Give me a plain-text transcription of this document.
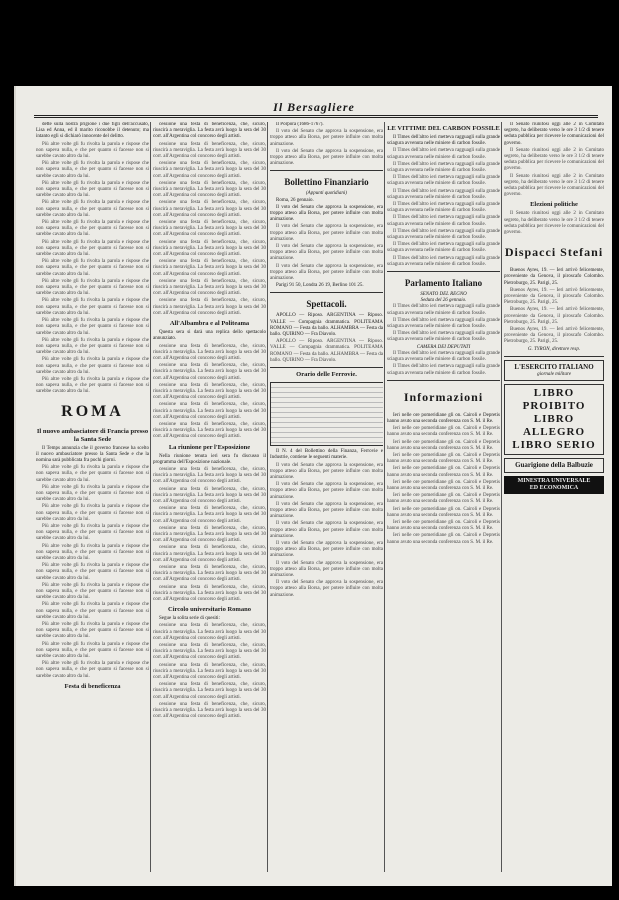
Il Bersagliere

dette sulla nostra prigione i due figli dell'accusato, Lisa ed Anna, ed il marito riconobbe il detenuto; ma intanto egli si dichiarò innocente del delitto.

Più altre volte gli fu rivolta la parola e rispose che non sapeva nulla, e che per quanto si facesse non si sarebbe cavato altro da lui.

Più altre volte gli fu rivolta la parola e rispose che non sapeva nulla, e che per quanto si facesse non si sarebbe cavato altro da lui.

Più altre volte gli fu rivolta la parola e rispose che non sapeva nulla, e che per quanto si facesse non si sarebbe cavato altro da lui.

Più altre volte gli fu rivolta la parola e rispose che non sapeva nulla, e che per quanto si facesse non si sarebbe cavato altro da lui.

Più altre volte gli fu rivolta la parola e rispose che non sapeva nulla, e che per quanto si facesse non si sarebbe cavato altro da lui.

Più altre volte gli fu rivolta la parola e rispose che non sapeva nulla, e che per quanto si facesse non si sarebbe cavato altro da lui.

Più altre volte gli fu rivolta la parola e rispose che non sapeva nulla, e che per quanto si facesse non si sarebbe cavato altro da lui.

Più altre volte gli fu rivolta la parola e rispose che non sapeva nulla, e che per quanto si facesse non si sarebbe cavato altro da lui.

Più altre volte gli fu rivolta la parola e rispose che non sapeva nulla, e che per quanto si facesse non si sarebbe cavato altro da lui.

Più altre volte gli fu rivolta la parola e rispose che non sapeva nulla, e che per quanto si facesse non si sarebbe cavato altro da lui.

Più altre volte gli fu rivolta la parola e rispose che non sapeva nulla, e che per quanto si facesse non si sarebbe cavato altro da lui.

Più altre volte gli fu rivolta la parola e rispose che non sapeva nulla, e che per quanto si facesse non si sarebbe cavato altro da lui.

Più altre volte gli fu rivolta la parola e rispose che non sapeva nulla, e che per quanto si facesse non si sarebbe cavato altro da lui.

ROMA
Il nuovo ambasciatore di Francia presso la Santa Sede

Il Temps annunzia che il governo francese ha scelto il nuovo ambasciatore presso la Santa Sede e che la nomina sarà pubblicata fra pochi giorni.

Più altre volte gli fu rivolta la parola e rispose che non sapeva nulla, e che per quanto si facesse non si sarebbe cavato altro da lui.

Più altre volte gli fu rivolta la parola e rispose che non sapeva nulla, e che per quanto si facesse non si sarebbe cavato altro da lui.

Più altre volte gli fu rivolta la parola e rispose che non sapeva nulla, e che per quanto si facesse non si sarebbe cavato altro da lui.

Più altre volte gli fu rivolta la parola e rispose che non sapeva nulla, e che per quanto si facesse non si sarebbe cavato altro da lui.

Più altre volte gli fu rivolta la parola e rispose che non sapeva nulla, e che per quanto si facesse non si sarebbe cavato altro da lui.

Più altre volte gli fu rivolta la parola e rispose che non sapeva nulla, e che per quanto si facesse non si sarebbe cavato altro da lui.

Più altre volte gli fu rivolta la parola e rispose che non sapeva nulla, e che per quanto si facesse non si sarebbe cavato altro da lui.

Più altre volte gli fu rivolta la parola e rispose che non sapeva nulla, e che per quanto si facesse non si sarebbe cavato altro da lui.

Più altre volte gli fu rivolta la parola e rispose che non sapeva nulla, e che per quanto si facesse non si sarebbe cavato altro da lui.

Più altre volte gli fu rivolta la parola e rispose che non sapeva nulla, e che per quanto si facesse non si sarebbe cavato altro da lui.

Più altre volte gli fu rivolta la parola e rispose che non sapeva nulla, e che per quanto si facesse non si sarebbe cavato altro da lui.

Festa di beneficenza

cessione una festa di beneficenza, che, sicuro, riuscirà a meraviglia. La festa avrà luogo la sera del 30 corr. all'Argentina col concorso degli artisti.

cessione una festa di beneficenza, che, sicuro, riuscirà a meraviglia. La festa avrà luogo la sera del 30 corr. all'Argentina col concorso degli artisti.

cessione una festa di beneficenza, che, sicuro, riuscirà a meraviglia. La festa avrà luogo la sera del 30 corr. all'Argentina col concorso degli artisti.

cessione una festa di beneficenza, che, sicuro, riuscirà a meraviglia. La festa avrà luogo la sera del 30 corr. all'Argentina col concorso degli artisti.

cessione una festa di beneficenza, che, sicuro, riuscirà a meraviglia. La festa avrà luogo la sera del 30 corr. all'Argentina col concorso degli artisti.

cessione una festa di beneficenza, che, sicuro, riuscirà a meraviglia. La festa avrà luogo la sera del 30 corr. all'Argentina col concorso degli artisti.

cessione una festa di beneficenza, che, sicuro, riuscirà a meraviglia. La festa avrà luogo la sera del 30 corr. all'Argentina col concorso degli artisti.

cessione una festa di beneficenza, che, sicuro, riuscirà a meraviglia. La festa avrà luogo la sera del 30 corr. all'Argentina col concorso degli artisti.

cessione una festa di beneficenza, che, sicuro, riuscirà a meraviglia. La festa avrà luogo la sera del 30 corr. all'Argentina col concorso degli artisti.

cessione una festa di beneficenza, che, sicuro, riuscirà a meraviglia. La festa avrà luogo la sera del 30 corr. all'Argentina col concorso degli artisti.

All'Albambra e al Politeama

Questa sera si darà una replica dello spettacolo annunziato.

cessione una festa di beneficenza, che, sicuro, riuscirà a meraviglia. La festa avrà luogo la sera del 30 corr. all'Argentina col concorso degli artisti.

cessione una festa di beneficenza, che, sicuro, riuscirà a meraviglia. La festa avrà luogo la sera del 30 corr. all'Argentina col concorso degli artisti.

cessione una festa di beneficenza, che, sicuro, riuscirà a meraviglia. La festa avrà luogo la sera del 30 corr. all'Argentina col concorso degli artisti.

cessione una festa di beneficenza, che, sicuro, riuscirà a meraviglia. La festa avrà luogo la sera del 30 corr. all'Argentina col concorso degli artisti.

cessione una festa di beneficenza, che, sicuro, riuscirà a meraviglia. La festa avrà luogo la sera del 30 corr. all'Argentina col concorso degli artisti.

La riunione per l'Esposizione

Nella riunione tenuta ieri sera fu discusso il programma dell'Esposizione nazionale.

cessione una festa di beneficenza, che, sicuro, riuscirà a meraviglia. La festa avrà luogo la sera del 30 corr. all'Argentina col concorso degli artisti.

cessione una festa di beneficenza, che, sicuro, riuscirà a meraviglia. La festa avrà luogo la sera del 30 corr. all'Argentina col concorso degli artisti.

cessione una festa di beneficenza, che, sicuro, riuscirà a meraviglia. La festa avrà luogo la sera del 30 corr. all'Argentina col concorso degli artisti.

cessione una festa di beneficenza, che, sicuro, riuscirà a meraviglia. La festa avrà luogo la sera del 30 corr. all'Argentina col concorso degli artisti.

cessione una festa di beneficenza, che, sicuro, riuscirà a meraviglia. La festa avrà luogo la sera del 30 corr. all'Argentina col concorso degli artisti.

cessione una festa di beneficenza, che, sicuro, riuscirà a meraviglia. La festa avrà luogo la sera del 30 corr. all'Argentina col concorso degli artisti.

cessione una festa di beneficenza, che, sicuro, riuscirà a meraviglia. La festa avrà luogo la sera del 30 corr. all'Argentina col concorso degli artisti.

Circolo universitario Romano

Segue la solita serie di quesiti:

cessione una festa di beneficenza, che, sicuro, riuscirà a meraviglia. La festa avrà luogo la sera del 30 corr. all'Argentina col concorso degli artisti.

cessione una festa di beneficenza, che, sicuro, riuscirà a meraviglia. La festa avrà luogo la sera del 30 corr. all'Argentina col concorso degli artisti.

cessione una festa di beneficenza, che, sicuro, riuscirà a meraviglia. La festa avrà luogo la sera del 30 corr. all'Argentina col concorso degli artisti.

cessione una festa di beneficenza, che, sicuro, riuscirà a meraviglia. La festa avrà luogo la sera del 30 corr. all'Argentina col concorso degli artisti.

cessione una festa di beneficenza, che, sicuro, riuscirà a meraviglia. La festa avrà luogo la sera del 30 corr. all'Argentina col concorso degli artisti.

Il Porpora (1686-1767).

Il voto del Senato che approva la sospensione, era troppo atteso alla Borsa, per potere influire con molta animazione.

Il voto del Senato che approva la sospensione, era troppo atteso alla Borsa, per potere influire con molta animazione.

Bollettino Finanziario
(Appunti quotidiani)

Roma, 26 gennaio.

Il voto del Senato che approva la sospensione, era troppo atteso alla Borsa, per potere influire con molta animazione.

Il voto del Senato che approva la sospensione, era troppo atteso alla Borsa, per potere influire con molta animazione.

Il voto del Senato che approva la sospensione, era troppo atteso alla Borsa, per potere influire con molta animazione.

Il voto del Senato che approva la sospensione, era troppo atteso alla Borsa, per potere influire con molta animazione.

Parigi 91 50, Londra 26 19, Berlino 101 25.

Spettacoli.

APOLLO — Riposo. ARGENTINA — Riposo. VALLE — Compagnia drammatica. POLITEAMA ROMANO — Festa da ballo. ALHAMBRA — Festa da ballo. QUIRINO — Fra Diavolo.

APOLLO — Riposo. ARGENTINA — Riposo. VALLE — Compagnia drammatica. POLITEAMA ROMANO — Festa da ballo. ALHAMBRA — Festa da ballo. QUIRINO — Fra Diavolo.

Orario delle Ferrovie.

Il N. 4 del Bollettino della Finanza, Ferrovie e Industrie, contiene le seguenti materie.

Il voto del Senato che approva la sospensione, era troppo atteso alla Borsa, per potere influire con molta animazione.

Il voto del Senato che approva la sospensione, era troppo atteso alla Borsa, per potere influire con molta animazione.

Il voto del Senato che approva la sospensione, era troppo atteso alla Borsa, per potere influire con molta animazione.

Il voto del Senato che approva la sospensione, era troppo atteso alla Borsa, per potere influire con molta animazione.

Il voto del Senato che approva la sospensione, era troppo atteso alla Borsa, per potere influire con molta animazione.

Il voto del Senato che approva la sospensione, era troppo atteso alla Borsa, per potere influire con molta animazione.

Il voto del Senato che approva la sospensione, era troppo atteso alla Borsa, per potere influire con molta animazione.

LE VITTIME DEL CARBON FOSSILE

Il Times dell'altro ieri metteva ragguagli sulla grande sciagura avvenuta nelle miniere di carbon fossile.

Il Times dell'altro ieri metteva ragguagli sulla grande sciagura avvenuta nelle miniere di carbon fossile.

Il Times dell'altro ieri metteva ragguagli sulla grande sciagura avvenuta nelle miniere di carbon fossile.

Il Times dell'altro ieri metteva ragguagli sulla grande sciagura avvenuta nelle miniere di carbon fossile.

Il Times dell'altro ieri metteva ragguagli sulla grande sciagura avvenuta nelle miniere di carbon fossile.

Il Times dell'altro ieri metteva ragguagli sulla grande sciagura avvenuta nelle miniere di carbon fossile.

Il Times dell'altro ieri metteva ragguagli sulla grande sciagura avvenuta nelle miniere di carbon fossile.

Il Times dell'altro ieri metteva ragguagli sulla grande sciagura avvenuta nelle miniere di carbon fossile.

Il Times dell'altro ieri metteva ragguagli sulla grande sciagura avvenuta nelle miniere di carbon fossile.

Il Times dell'altro ieri metteva ragguagli sulla grande sciagura avvenuta nelle miniere di carbon fossile.

Parlamento Italiano
SENATO DEL REGNO
Seduta del 26 gennaio.

Il Times dell'altro ieri metteva ragguagli sulla grande sciagura avvenuta nelle miniere di carbon fossile.

Il Times dell'altro ieri metteva ragguagli sulla grande sciagura avvenuta nelle miniere di carbon fossile.

Il Times dell'altro ieri metteva ragguagli sulla grande sciagura avvenuta nelle miniere di carbon fossile.

CAMERA DEI DEPUTATI

Il Times dell'altro ieri metteva ragguagli sulla grande sciagura avvenuta nelle miniere di carbon fossile.

Il Times dell'altro ieri metteva ragguagli sulla grande sciagura avvenuta nelle miniere di carbon fossile.

Informazioni

Ieri nelle ore pomeridiane gli on. Cairoli e Depretis hanno avuto una seconda conferenza con S. M. il Re.

Ieri nelle ore pomeridiane gli on. Cairoli e Depretis hanno avuto una seconda conferenza con S. M. il Re.

Ieri nelle ore pomeridiane gli on. Cairoli e Depretis hanno avuto una seconda conferenza con S. M. il Re.

Ieri nelle ore pomeridiane gli on. Cairoli e Depretis hanno avuto una seconda conferenza con S. M. il Re.

Ieri nelle ore pomeridiane gli on. Cairoli e Depretis hanno avuto una seconda conferenza con S. M. il Re.

Ieri nelle ore pomeridiane gli on. Cairoli e Depretis hanno avuto una seconda conferenza con S. M. il Re.

Ieri nelle ore pomeridiane gli on. Cairoli e Depretis hanno avuto una seconda conferenza con S. M. il Re.

Ieri nelle ore pomeridiane gli on. Cairoli e Depretis hanno avuto una seconda conferenza con S. M. il Re.

Ieri nelle ore pomeridiane gli on. Cairoli e Depretis hanno avuto una seconda conferenza con S. M. il Re.

Ieri nelle ore pomeridiane gli on. Cairoli e Depretis hanno avuto una seconda conferenza con S. M. il Re.

Il Senato riunitosi oggi alle 2 in Comitato segreto, ha deliberato verso le ore 3 1/2 di tenere seduta pubblica per ricevere le comunicazioni del governo.

Il Senato riunitosi oggi alle 2 in Comitato segreto, ha deliberato verso le ore 3 1/2 di tenere seduta pubblica per ricevere le comunicazioni del governo.

Il Senato riunitosi oggi alle 2 in Comitato segreto, ha deliberato verso le ore 3 1/2 di tenere seduta pubblica per ricevere le comunicazioni del governo.

Elezioni politiche

Il Senato riunitosi oggi alle 2 in Comitato segreto, ha deliberato verso le ore 3 1/2 di tenere seduta pubblica per ricevere le comunicazioni del governo.

Dispacci Stefani

Buenos Ayres, 19. — Ieri arrivò felicemente, proveniente da Genova, il piroscafo Colombo. Pietroburgo, 25. Parigi, 25.

Buenos Ayres, 19. — Ieri arrivò felicemente, proveniente da Genova, il piroscafo Colombo. Pietroburgo, 25. Parigi, 25.

Buenos Ayres, 19. — Ieri arrivò felicemente, proveniente da Genova, il piroscafo Colombo. Pietroburgo, 25. Parigi, 25.

Buenos Ayres, 19. — Ieri arrivò felicemente, proveniente da Genova, il piroscafo Colombo. Pietroburgo, 25. Parigi, 25.

G. TYRON, direttore resp.
L'ESERCITO ITALIANO
giornale militare
LIBRO PROIBITO
LIBRO ALLEGRO
LIBRO SERIO
Guarigione della Balbuzie
MINESTRA UNIVERSALE
ED ECONOMICA
